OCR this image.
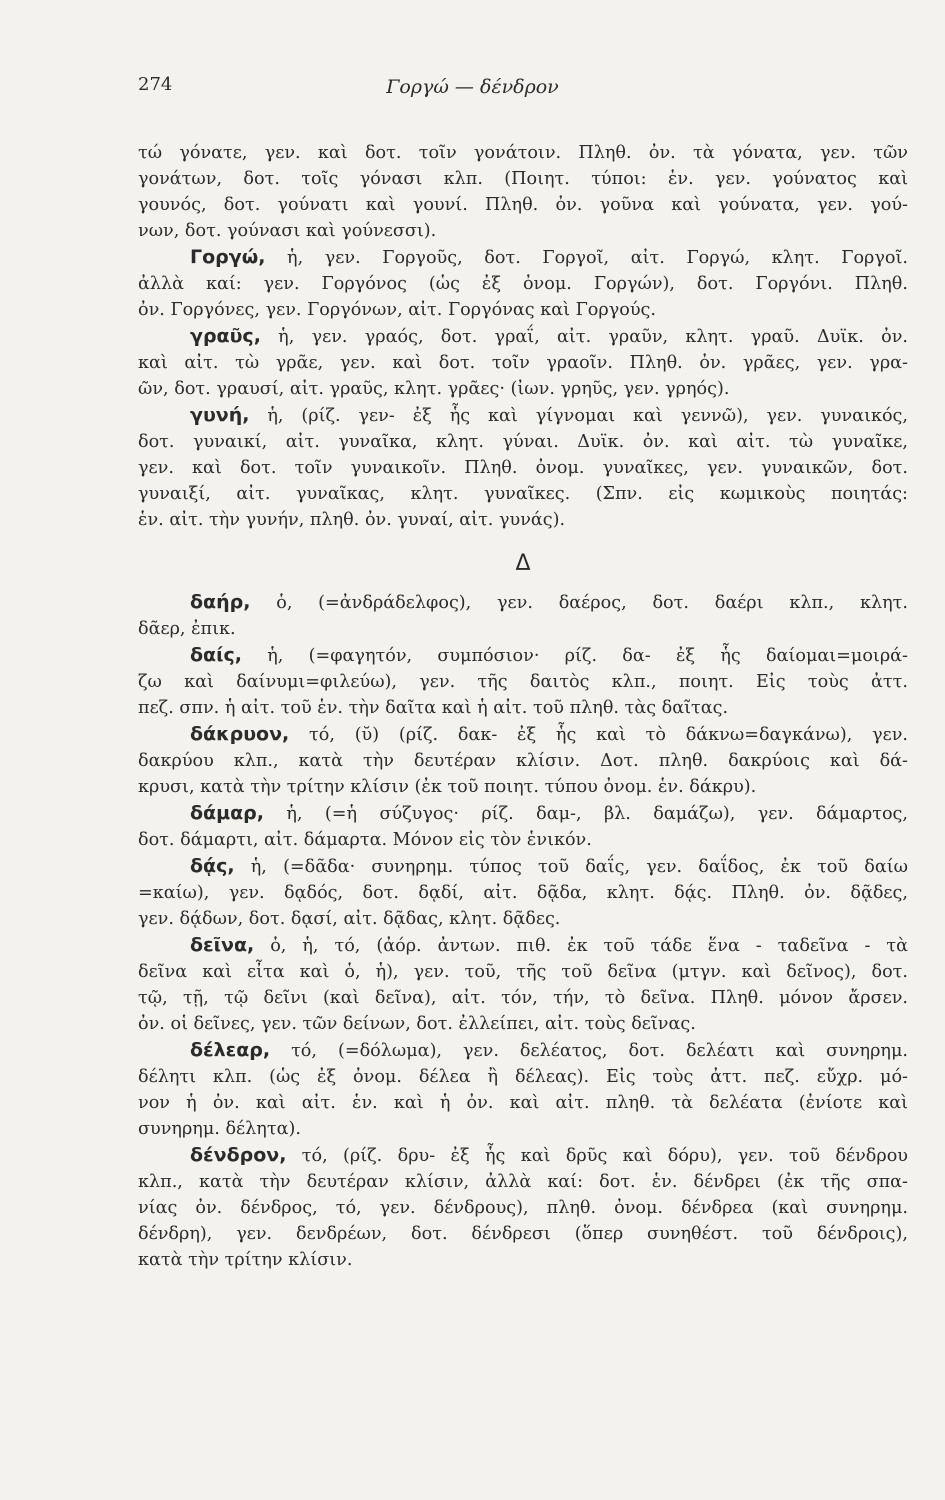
274	Γοργώ — δένδρον
τώ γόνατε, γεν. καὶ δοτ. τοῖν γονάτοιν. Πληθ. ὀν. τὰ γόνατα, γεν. τῶν
γονάτων, δοτ. τοῖς γόνασι κλπ. (Ποιητ. τύποι: ἑν. γεν. γούνατος καὶ
γουνός, δοτ. γούνατι καὶ γουνί. Πληθ. ὀν. γοῦνα καὶ γούνατα, γεν. γού-
νων, δοτ. γούνασι καὶ γούνεσσι).
Γοργώ, ἡ, γεν. Γοργοῦς, δοτ. Γοργοῖ, αἰτ. Γοργώ, κλητ. Γοργοῖ.
ἀλλὰ καί: γεν. Γοργόνος (ὡς ἐξ ὀνομ. Γοργών), δοτ. Γοργόνι. Πληθ.
ὀν. Γοργόνες, γεν. Γοργόνων, αἰτ. Γοργόνας καὶ Γοργούς.
γραῦς, ἡ, γεν. γραός, δοτ. γραΐ, αἰτ. γραῦν, κλητ. γραῦ. Δυϊκ. ὀν.
καὶ αἰτ. τὼ γρᾶε, γεν. καὶ δοτ. τοῖν γραοῖν. Πληθ. ὀν. γρᾶες, γεν. γρα-
ῶν, δοτ. γραυσί, αἰτ. γραῦς, κλητ. γρᾶες· (ἰων. γρηῦς, γεν. γρηός).
γυνή, ἡ, (ρίζ. γεν- ἐξ ἧς καὶ γίγνομαι καὶ γεννῶ), γεν. γυναικός,
δοτ. γυναικί, αἰτ. γυναῖκα, κλητ. γύναι. Δυϊκ. ὀν. καὶ αἰτ. τὼ γυναῖκε,
γεν. καὶ δοτ. τοῖν γυναικοῖν. Πληθ. ὀνομ. γυναῖκες, γεν. γυναικῶν, δοτ.
γυναιξί, αἰτ. γυναῖκας, κλητ. γυναῖκες. (Σπν. εἰς κωμικοὺς ποιητάς:
ἑν. αἰτ. τὴν γυνήν, πληθ. ὀν. γυναί, αἰτ. γυνάς).
Δ
δαήρ, ὁ, (=ἀνδράδελφος), γεν. δαέρος, δοτ. δαέρι κλπ., κλητ.
δᾶερ, ἐπικ.
δαίς, ἡ, (=φαγητόν, συμπόσιον· ρίζ. δα- ἐξ ἧς δαίομαι=μοιρά-
ζω καὶ δαίνυμι=φιλεύω), γεν. τῆς δαιτὸς κλπ., ποιητ. Εἰς τοὺς ἀττ.
πεζ. σπν. ἡ αἰτ. τοῦ ἑν. τὴν δαῖτα καὶ ἡ αἰτ. τοῦ πληθ. τὰς δαῖτας.
δάκρυον, τό, (ῠ) (ρίζ. δακ- ἐξ ἧς καὶ τὸ δάκνω=δαγκάνω), γεν.
δακρύου κλπ., κατὰ τὴν δευτέραν κλίσιν. Δοτ. πληθ. δακρύοις καὶ δά-
κρυσι, κατὰ τὴν τρίτην κλίσιν (ἐκ τοῦ ποιητ. τύπου ὀνομ. ἑν. δάκρυ).
δάμαρ, ἡ, (=ἡ σύζυγος· ρίζ. δαμ-, βλ. δαμάζω), γεν. δάμαρτος,
δοτ. δάμαρτι, αἰτ. δάμαρτα. Μόνον εἰς τὸν ἑνικόν.
δᾴς, ἡ, (=δᾶδα· συνηρημ. τύπος τοῦ δαΐς, γεν. δαΐδος, ἐκ τοῦ δαίω
=καίω), γεν. δᾳδός, δοτ. δᾳδί, αἰτ. δᾷδα, κλητ. δᾴς. Πληθ. ὀν. δᾷδες,
γεν. δᾴδων, δοτ. δᾳσί, αἰτ. δᾷδας, κλητ. δᾷδες.
δεῖνα, ὁ, ἡ, τό, (ἀόρ. ἀντων. πιθ. ἐκ τοῦ τάδε ἕνα - ταδεῖνα - τὰ
δεῖνα καὶ εἶτα καὶ ὁ, ἡ), γεν. τοῦ, τῆς τοῦ δεῖνα (μτγν. καὶ δεῖνος), δοτ.
τῷ, τῇ, τῷ δεῖνι (καὶ δεῖνα), αἰτ. τόν, τήν, τὸ δεῖνα. Πληθ. μόνον ἄρσεν.
ὀν. οἱ δεῖνες, γεν. τῶν δείνων, δοτ. ἐλλείπει, αἰτ. τοὺς δεῖνας.
δέλεαρ, τό, (=δόλωμα), γεν. δελέατος, δοτ. δελέατι καὶ συνηρημ.
δέλητι κλπ. (ὡς ἐξ ὀνομ. δέλεα ἢ δέλεας). Εἰς τοὺς ἀττ. πεζ. εὔχρ. μό-
νον ἡ ὀν. καὶ αἰτ. ἑν. καὶ ἡ ὀν. καὶ αἰτ. πληθ. τὰ δελέατα (ἐνίοτε καὶ
συνηρημ. δέλητα).
δένδρον, τό, (ρίζ. δρυ- ἐξ ἧς καὶ δρῦς καὶ δόρυ), γεν. τοῦ δένδρου
κλπ., κατὰ τὴν δευτέραν κλίσιν, ἀλλὰ καί: δοτ. ἑν. δένδρει (ἐκ τῆς σπα-
νίας ὀν. δένδρος, τό, γεν. δένδρους), πληθ. ὀνομ. δένδρεα (καὶ συνηρημ.
δένδρη), γεν. δενδρέων, δοτ. δένδρεσι (ὅπερ συνηθέστ. τοῦ δένδροις),
κατὰ τὴν τρίτην κλίσιν.
